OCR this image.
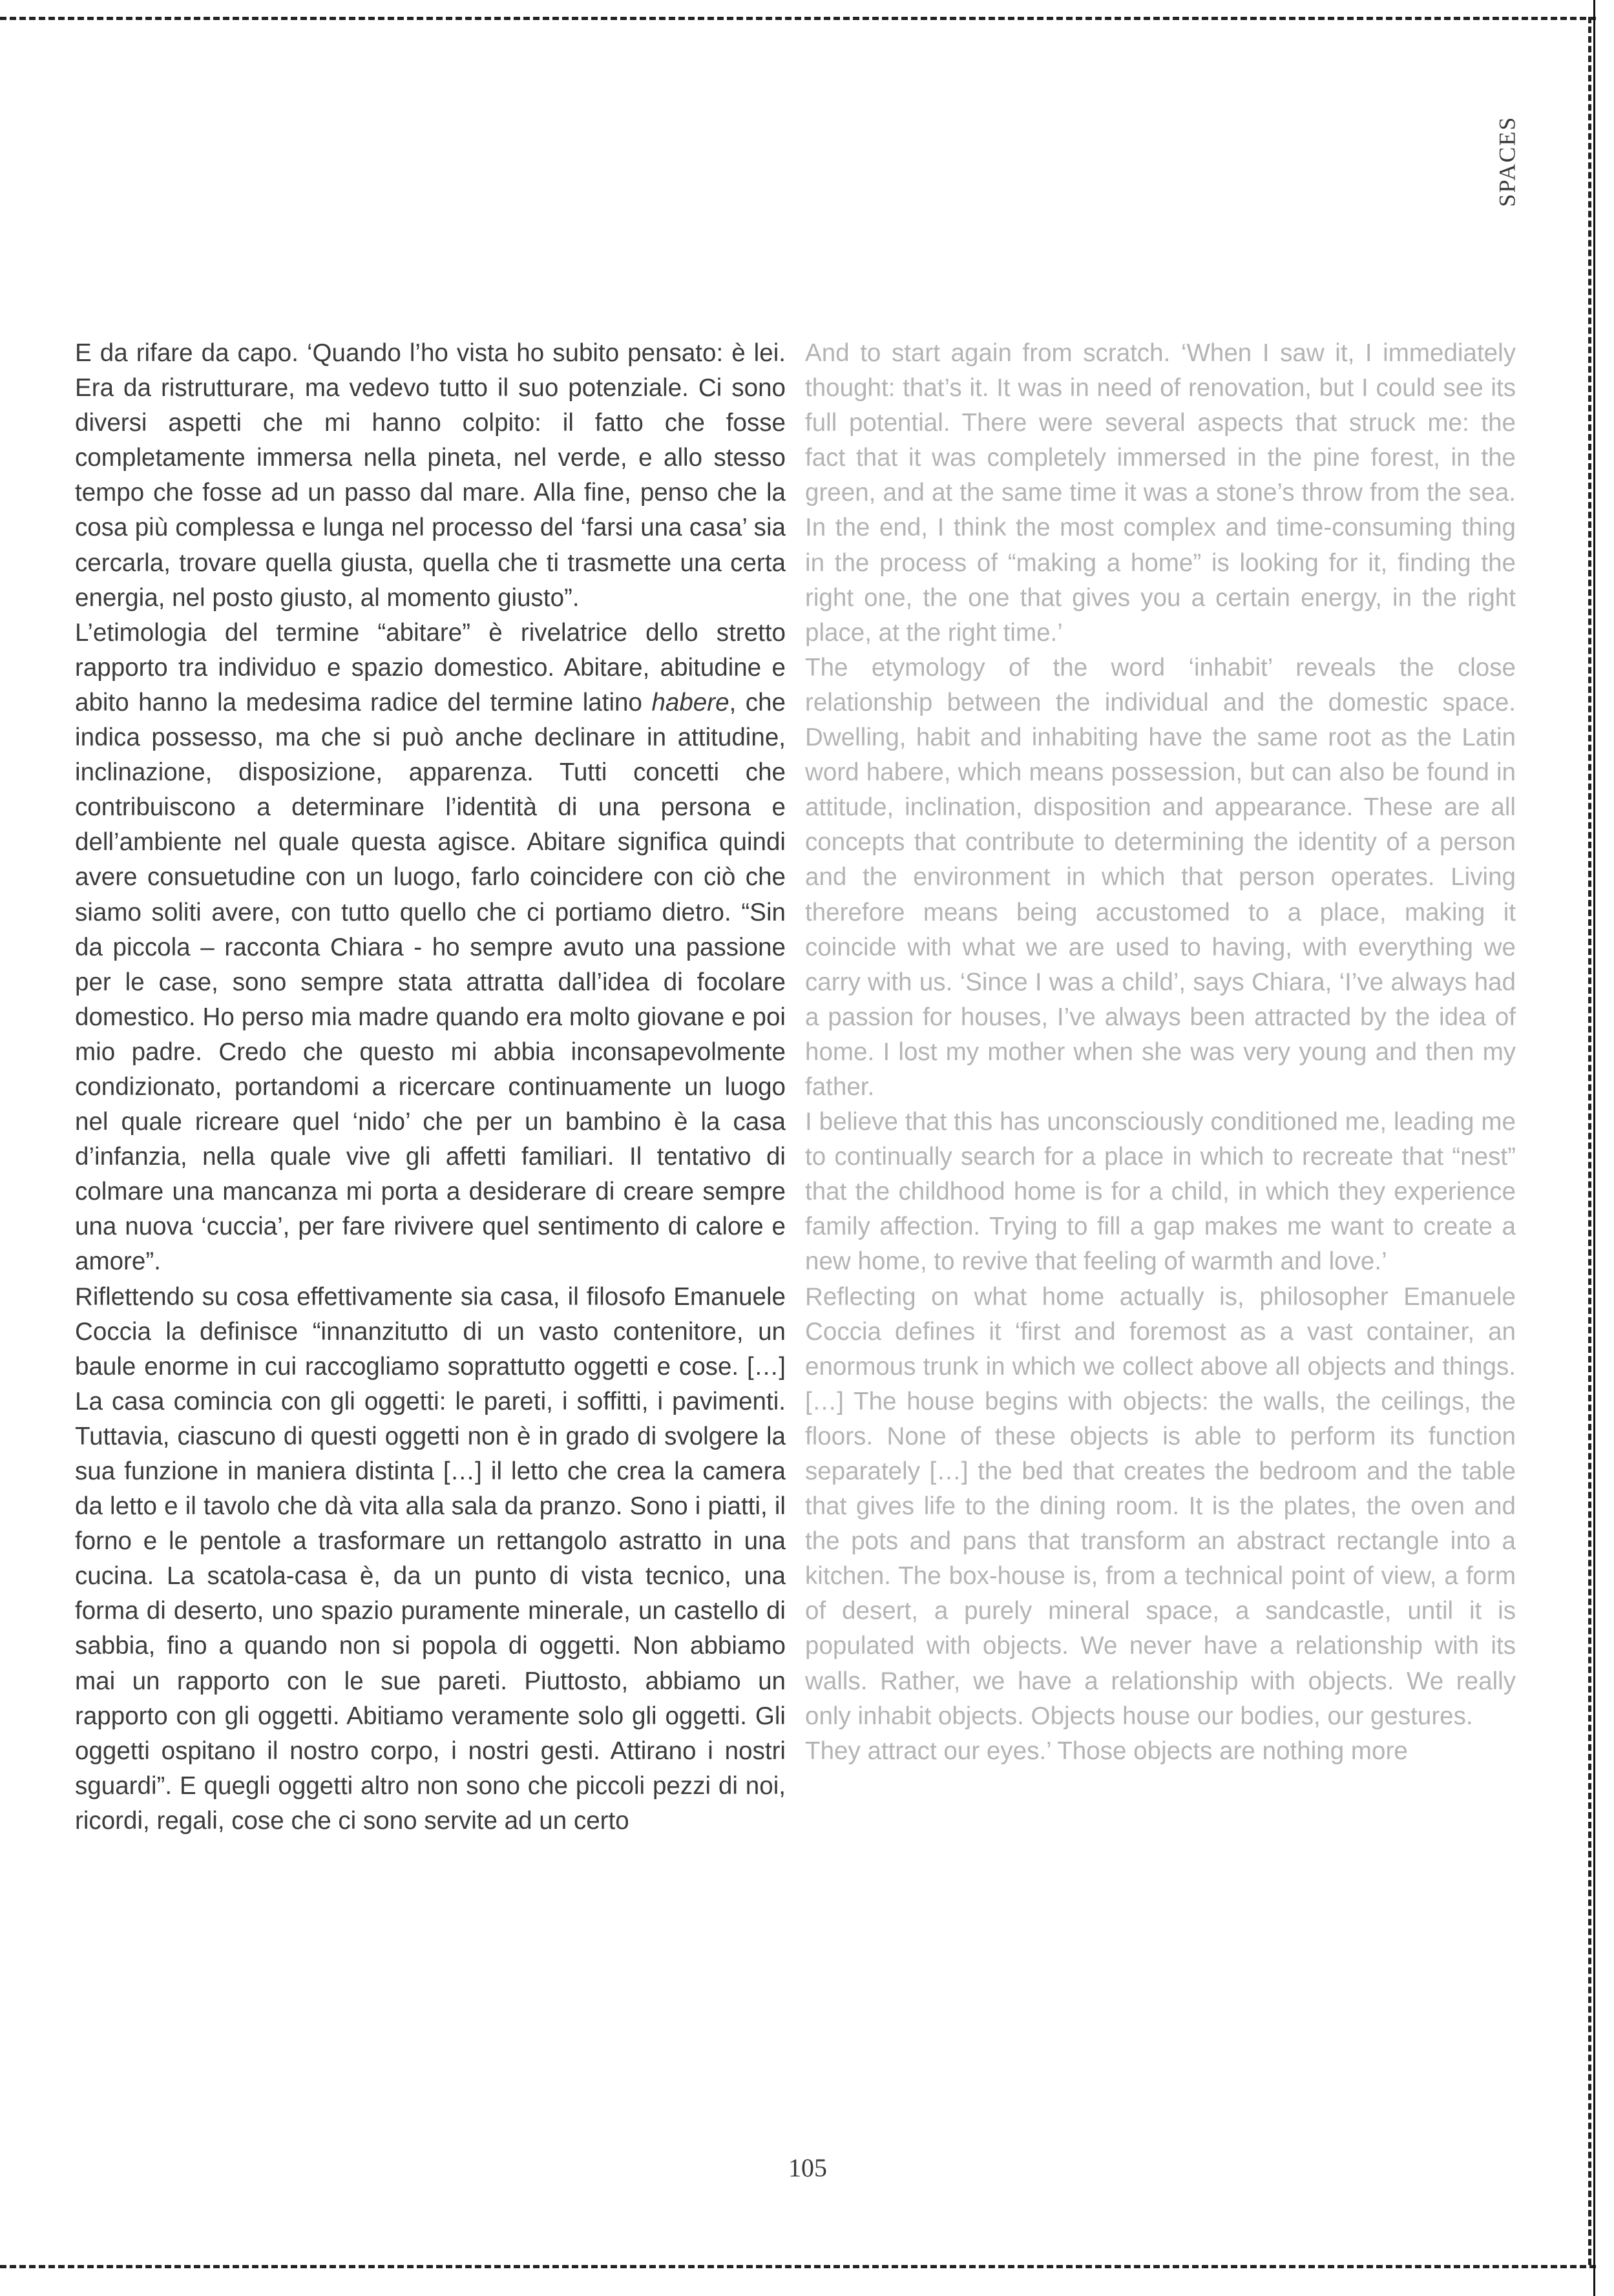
SPACES

E da rifare da capo. ‘Quando l’ho vista ho subito pensato: è lei. Era da ristrutturare, ma vedevo tutto il suo potenziale. Ci sono diversi aspetti che mi hanno colpito: il fatto che fosse completamente immersa nella pineta, nel verde, e allo stesso tempo che fosse ad un passo dal mare. Alla fine, penso che la cosa più complessa e lunga nel processo del ‘farsi una casa’ sia cercarla, trovare quella giusta, quella che ti trasmette una certa energia, nel posto giusto, al momento giusto”.

L’etimologia del termine “abitare” è rivelatrice dello stretto rapporto tra individuo e spazio domestico. Abitare, abitudine e abito hanno la medesima radice del termine latino habere, che indica possesso, ma che si può anche declinare in attitudine, inclinazione, disposizione, apparenza. Tutti concetti che contribuiscono a determinare l’identità di una persona e dell’ambiente nel quale questa agisce. Abitare significa quindi avere consuetudine con un luogo, farlo coincidere con ciò che siamo soliti avere, con tutto quello che ci portiamo dietro. “Sin da piccola – racconta Chiara - ho sempre avuto una passione per le case, sono sempre stata attratta dall’idea di focolare domestico. Ho perso mia madre quando era molto giovane e poi mio padre. Credo che questo mi abbia inconsapevolmente condizionato, portandomi a ricercare continuamente un luogo nel quale ricreare quel ‘nido’ che per un bambino è la casa d’infanzia, nella quale vive gli affetti familiari. Il tentativo di colmare una mancanza mi porta a desiderare di creare sempre una nuova ‘cuccia’, per fare rivivere quel sentimento di calore e amore”.

Riflettendo su cosa effettivamente sia casa, il filosofo Emanuele Coccia la definisce “innanzitutto di un vasto contenitore, un baule enorme in cui raccogliamo soprattutto oggetti e cose. […] La casa comincia con gli oggetti: le pareti, i soffitti, i pavimenti. Tuttavia, ciascuno di questi oggetti non è in grado di svolgere la sua funzione in maniera distinta […] il letto che crea la camera da letto e il tavolo che dà vita alla sala da pranzo. Sono i piatti, il forno e le pentole a trasformare un rettangolo astratto in una cucina. La scatola-casa è, da un punto di vista tecnico, una forma di deserto, uno spazio puramente minerale, un castello di sabbia, fino a quando non si popola di oggetti. Non abbiamo mai un rapporto con le sue pareti. Piuttosto, abbiamo un rapporto con gli oggetti. Abitiamo veramente solo gli oggetti. Gli oggetti ospitano il nostro corpo, i nostri gesti. Attirano i nostri sguardi”. E quegli oggetti altro non sono che piccoli pezzi di noi, ricordi, regali, cose che ci sono servite ad un certo

And to start again from scratch. ‘When I saw it, I immediately thought: that’s it. It was in need of renovation, but I could see its full potential. There were several aspects that struck me: the fact that it was completely immersed in the pine forest, in the green, and at the same time it was a stone’s throw from the sea. In the end, I think the most complex and time-consuming thing in the process of “making a home” is looking for it, finding the right one, the one that gives you a certain energy, in the right place, at the right time.’

The etymology of the word ‘inhabit’ reveals the close relationship between the individual and the domestic space. Dwelling, habit and inhabiting have the same root as the Latin word habere, which means possession, but can also be found in attitude, inclination, disposition and appearance. These are all concepts that contribute to determining the identity of a person and the environment in which that person operates. Living therefore means being accustomed to a place, making it coincide with what we are used to having, with everything we carry with us. ‘Since I was a child’, says Chiara, ‘I’ve always had a passion for houses, I’ve always been attracted by the idea of home. I lost my mother when she was very young and then my father.

I believe that this has unconsciously conditioned me, leading me to continually search for a place in which to recreate that “nest” that the childhood home is for a child, in which they experience family affection. Trying to fill a gap makes me want to create a new home, to revive that feeling of warmth and love.’

Reflecting on what home actually is, philosopher Emanuele Coccia defines it ‘first and foremost as a vast container, an enormous trunk in which we collect above all objects and things. […] The house begins with objects: the walls, the ceilings, the floors. None of these objects is able to perform its function separately […] the bed that creates the bedroom and the table that gives life to the dining room. It is the plates, the oven and the pots and pans that transform an abstract rectangle into a kitchen. The box-house is, from a technical point of view, a form of desert, a purely mineral space, a sandcastle, until it is populated with objects. We never have a relationship with its walls. Rather, we have a relationship with objects. We really only inhabit objects. Objects house our bodies, our gestures.

They attract our eyes.’ Those objects are nothing more

105
